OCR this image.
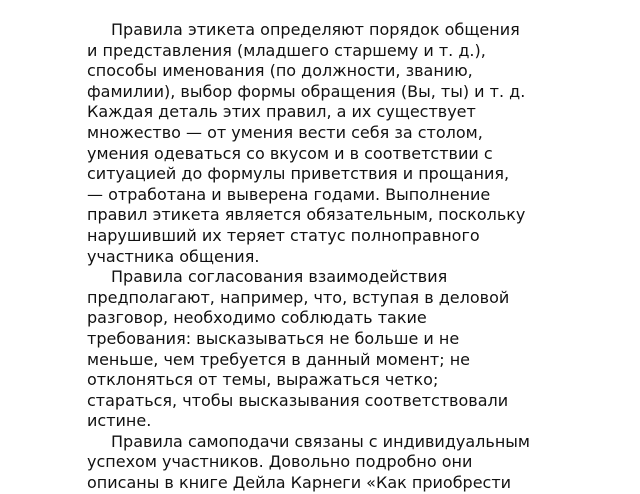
Правила этикета определяют порядок общения
и представления (младшего старшему и т. д.),
способы именования (по должности, званию,
фамилии), выбор формы обращения (Вы, ты) и т. д.
Каждая деталь этих правил, а их существует
множество — от умения вести себя за столом,
умения одеваться со вкусом и в соответствии с
ситуацией до формулы приветствия и прощания,
— отработана и выверена годами. Выполнение
правил этикета является обязательным, поскольку
нарушивший их теряет статус полноправного
участника общения.
Правила согласования взаимодействия
предполагают, например, что, вступая в деловой
разговор, необходимо соблюдать такие
требования: высказываться не больше и не
меньше, чем требуется в данный момент; не
отклоняться от темы, выражаться четко;
стараться, чтобы высказывания соответствовали
истине.
Правила самоподачи связаны с индивидуальным
успехом участников. Довольно подробно они
описаны в книге Дейла Карнеги «Как приобрести
